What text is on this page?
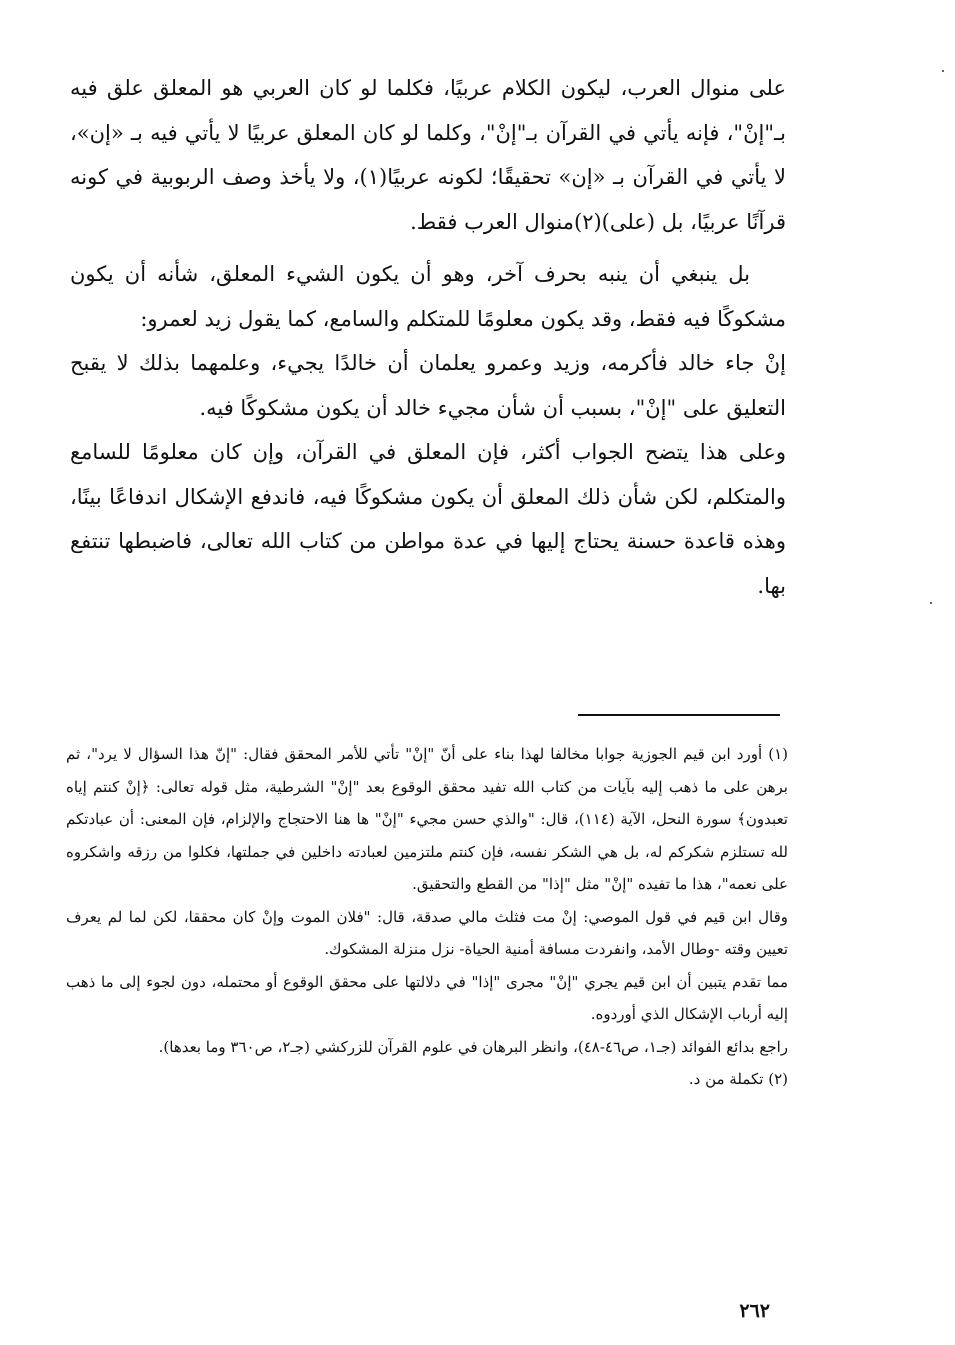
على منوال العرب، ليكون الكلام عربيًا، فكلما لو كان العربي هو المعلق علق فيه بـ"إنْ"، فإنه يأتي في القرآن بـ"إنْ"، وكلما لو كان المعلق عربيًا لا يأتي فيه بـ «إن»، لا يأتي في القرآن بـ «إن» تحقيقًا؛ لكونه عربيًا(١)، ولا يأخذ وصف الربوبية في كونه قرآنًا عربيًا، بل (على)(٢)منوال العرب فقط.

بل ينبغي أن ينبه بحرف آخر، وهو أن يكون الشيء المعلق، شأنه أن يكون مشكوكًا فيه فقط، وقد يكون معلومًا للمتكلم والسامع، كما يقول زيد لعمرو:

إنْ جاء خالد فأكرمه، وزيد وعمرو يعلمان أن خالدًا يجيء، وعلمهما بذلك لا يقبح التعليق على "إنْ"، بسبب أن شأن مجيء خالد أن يكون مشكوكًا فيه.

وعلى هذا يتضح الجواب أكثر، فإن المعلق في القرآن، وإن كان معلومًا للسامع والمتكلم، لكن شأن ذلك المعلق أن يكون مشكوكًا فيه، فاندفع الإشكال اندفاعًا بينًا، وهذه قاعدة حسنة يحتاج إليها في عدة مواطن من كتاب الله تعالى، فاضبطها تنتفع بها.

(١) أورد ابن قيم الجوزية جوابا مخالفا لهذا بناء على أنّ "إنْ" تأتي للأمر المحقق فقال: "إنّ هذا السؤال لا يرد"، ثم برهن على ما ذهب إليه بآيات من كتاب الله تفيد محقق الوقوع بعد "إنْ" الشرطية، مثل قوله تعالى: ﴿إنْ كنتم إياه تعبدون﴾ سورة النحل، الآية (١١٤)، قال: "والذي حسن مجيء "إنْ" ها هنا الاحتجاج والإلزام، فإن المعنى: أن عبادتكم لله تستلزم شكركم له، بل هي الشكر نفسه، فإن كنتم ملتزمين لعبادته داخلين في جملتها، فكلوا من رزقه واشكروه على نعمه"، هذا ما تفيده "إنْ" مثل "إذا" من القطع والتحقيق.

وقال ابن قيم في قول الموصي: إنْ مت فثلث مالي صدقة، قال: "فلان الموت وإنْ كان محققا، لكن لما لم يعرف تعيين وقته -وطال الأمد، وانفردت مسافة أمنية الحياة- نزل منزلة المشكوك.

مما تقدم يتبين أن ابن قيم يجري "إنْ" مجرى "إذا" في دلالتها على محقق الوقوع أو محتمله، دون لجوء إلى ما ذهب إليه أرباب الإشكال الذي أوردوه.

راجع بدائع الفوائد (جـ١، ص٤٦-٤٨)، وانظر البرهان في علوم القرآن للزركشي (جـ٢، ص٣٦٠ وما بعدها).

(٢) تكملة من د.

٢٦٢
